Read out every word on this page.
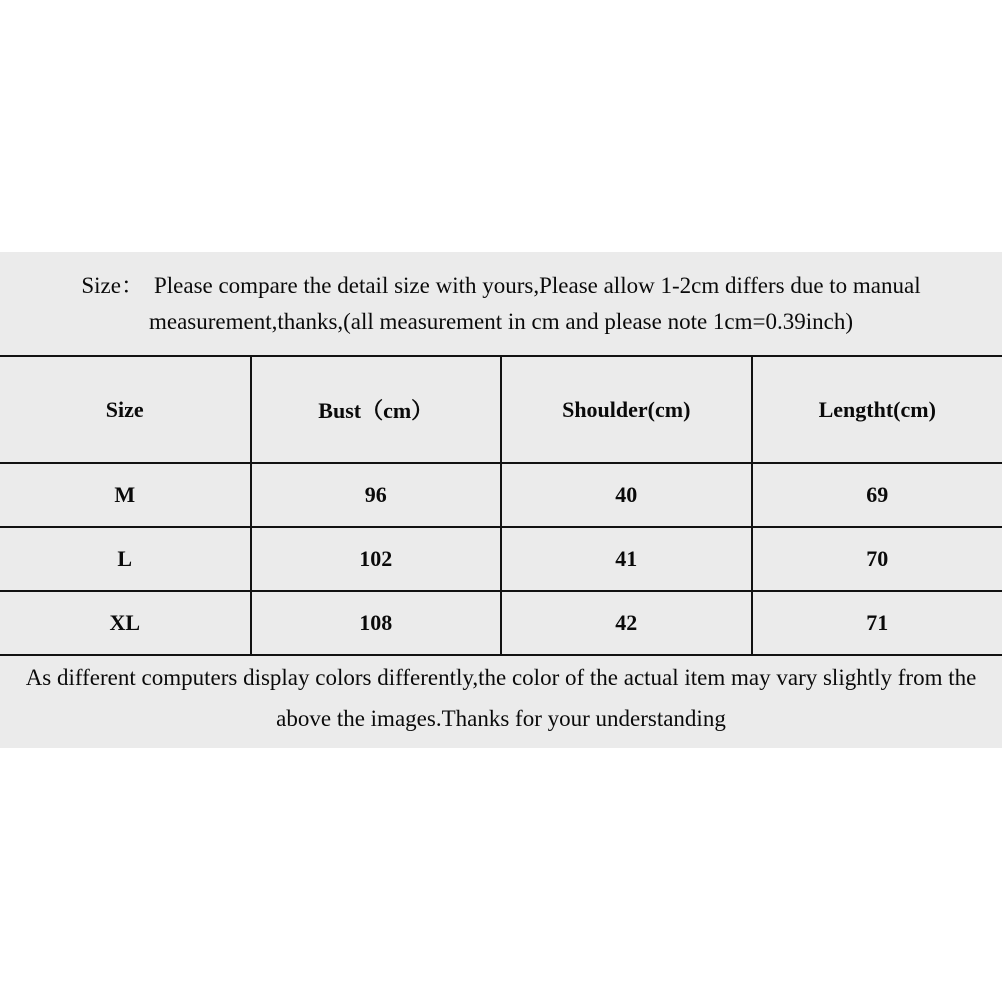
Size： Please compare the detail size with yours,Please allow 1-2cm differs due to manual measurement,thanks,(all measurement in cm and please note 1cm=0.39inch)

Size	Bust（cm）	Shoulder(cm)	Lengtht(cm)
M	96	40	69
L	102	41	70
XL	108	42	71

As different computers display colors differently,the color of the actual item may vary slightly from the above the images.Thanks for your understanding
